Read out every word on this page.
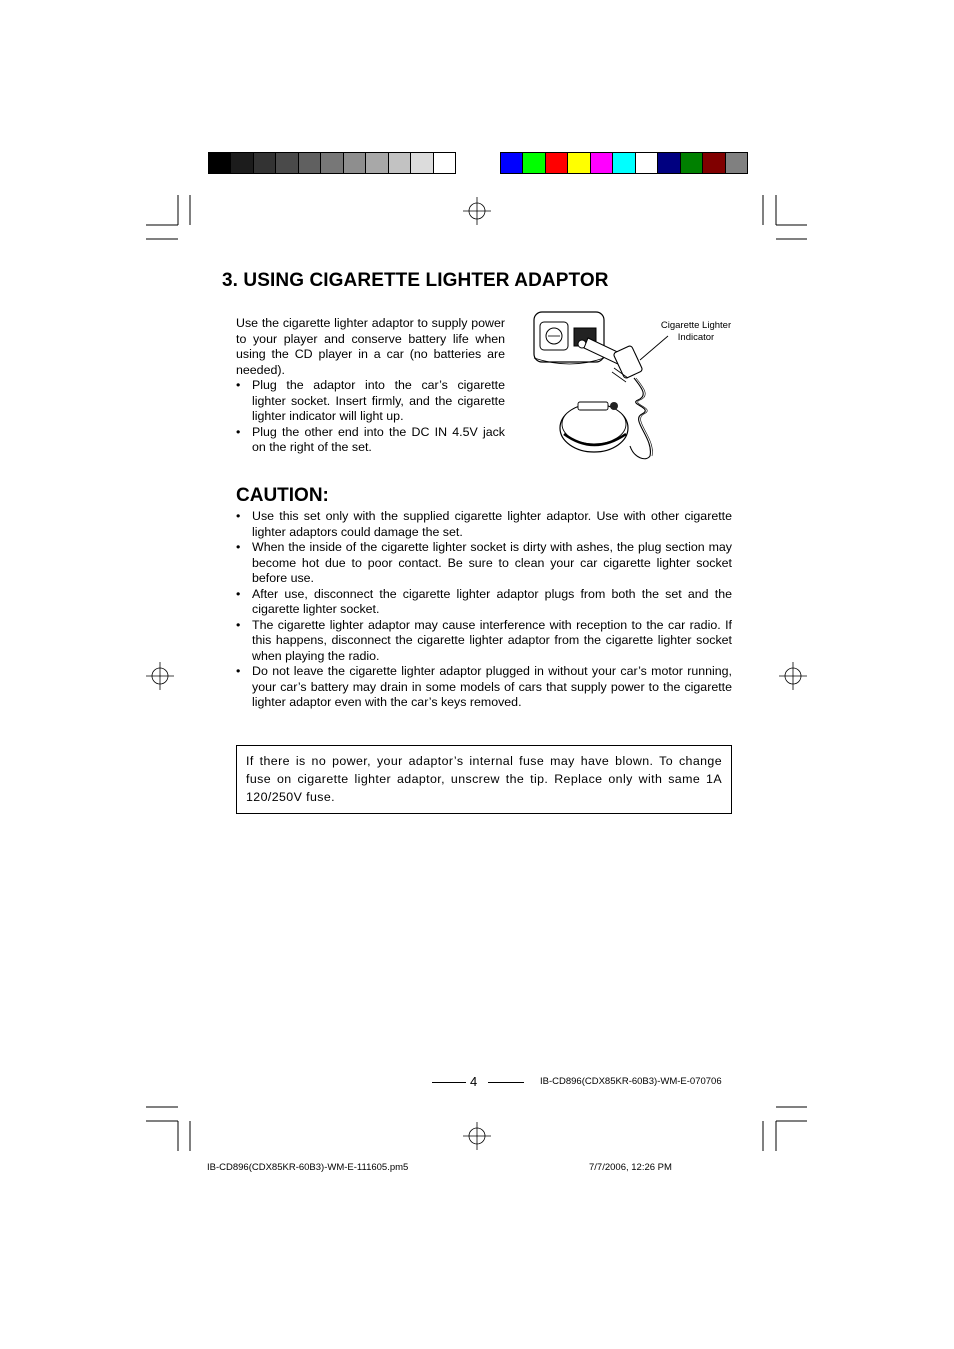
3. USING CIGARETTE LIGHTER ADAPTOR

Use the cigarette lighter adaptor to supply power to your player and conserve battery life when using the CD player in a car (no batteries are needed).

• Plug the adaptor into the car’s cigarette lighter socket. Insert firmly, and the cigarette lighter indicator will light up.
• Plug the other end into the DC IN 4.5V jack on the right of the set.
Cigarette Lighter
Indicator
CAUTION:
• Use this set only with the supplied cigarette lighter adaptor. Use with other cigarette lighter adaptors could damage the set.
• When the inside of the cigarette lighter socket is dirty with ashes, the plug section may become hot due to poor contact. Be sure to clean your car cigarette lighter socket before use.
• After use, disconnect the cigarette lighter adaptor plugs from both the set and the cigarette lighter socket.
• The cigarette lighter adaptor may cause interference with reception to the car radio. If this happens, disconnect the cigarette lighter adaptor from the cigarette lighter socket when playing the radio.
• Do not leave the cigarette lighter adaptor plugged in without your car’s motor running, your car’s battery may drain in some models of cars that supply power to the cigarette lighter adaptor even with the car’s keys removed.
If there is no power, your adaptor’s internal fuse may have blown. To change fuse on cigarette lighter adaptor, unscrew the tip. Replace only with same 1A 120/250V fuse.
4	IB-CD896(CDX85KR-60B3)-WM-E-070706
IB-CD896(CDX85KR-60B3)-WM-E-111605.pm5	7/7/2006, 12:26 PM
